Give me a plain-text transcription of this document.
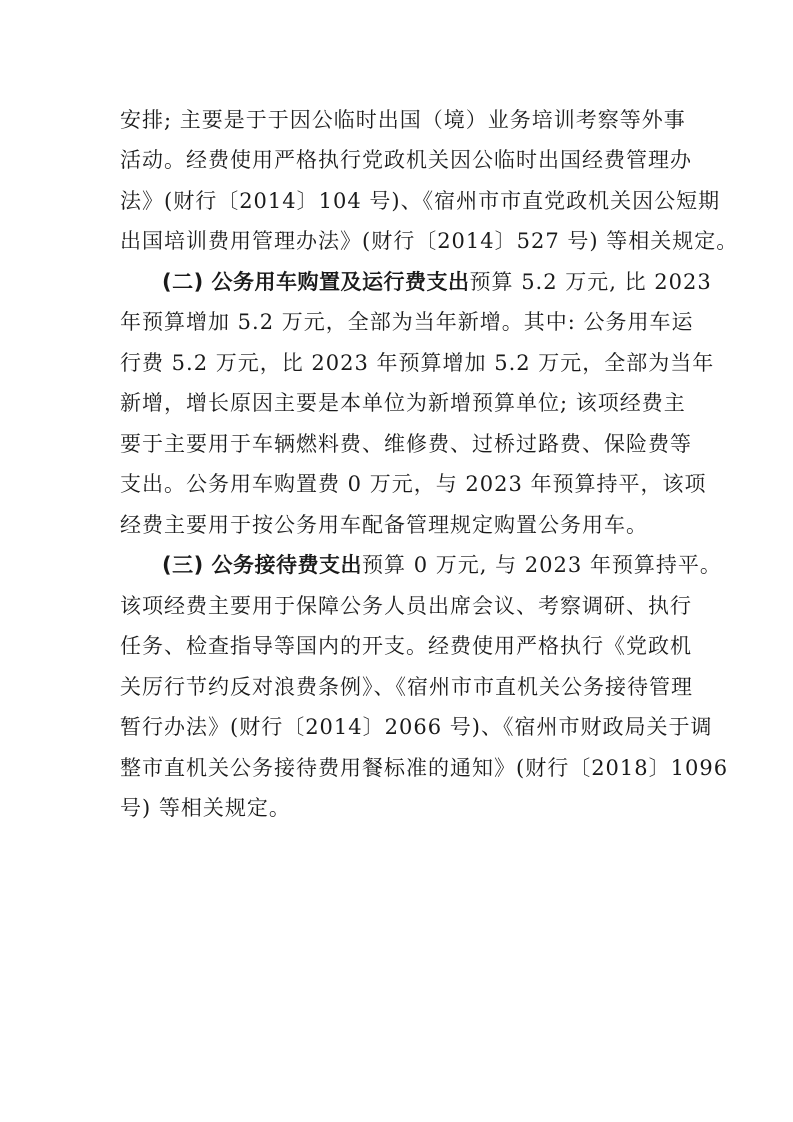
安排; 主要是于于因公临时出国（境）业务培训考察等外事
活动。经费使用严格执行党政机关因公临时出国经费管理办
法》(财行〔2014〕104 号)、《宿州市市直党政机关因公短期
出国培训费用管理办法》(财行〔2014〕527 号) 等相关规定。
(二) 公务用车购置及运行费支出 预算 5.2 万元, 比 2023
年预算增加 5.2 万元，全部为当年新增。其中: 公务用车运
行费 5.2 万元，比 2023 年预算增加 5.2 万元，全部为当年
新增，增长原因主要是本单位为新增预算单位; 该项经费主
要于主要用于车辆燃料费、维修费、过桥过路费、保险费等
支出。公务用车购置费 0 万元，与 2023 年预算持平，该项
经费主要用于按公务用车配备管理规定购置公务用车。
(三) 公务接待费支出 预算 0 万元, 与 2023 年预算持平。
该项经费主要用于保障公务人员出席会议、考察调研、执行
任务、检查指导等国内的开支。经费使用严格执行《党政机
关厉行节约反对浪费条例》、《宿州市市直机关公务接待管理
暂行办法》(财行〔2014〕2066 号)、《宿州市财政局关于调
整市直机关公务接待费用餐标准的通知》(财行〔2018〕1096
号) 等相关规定。
